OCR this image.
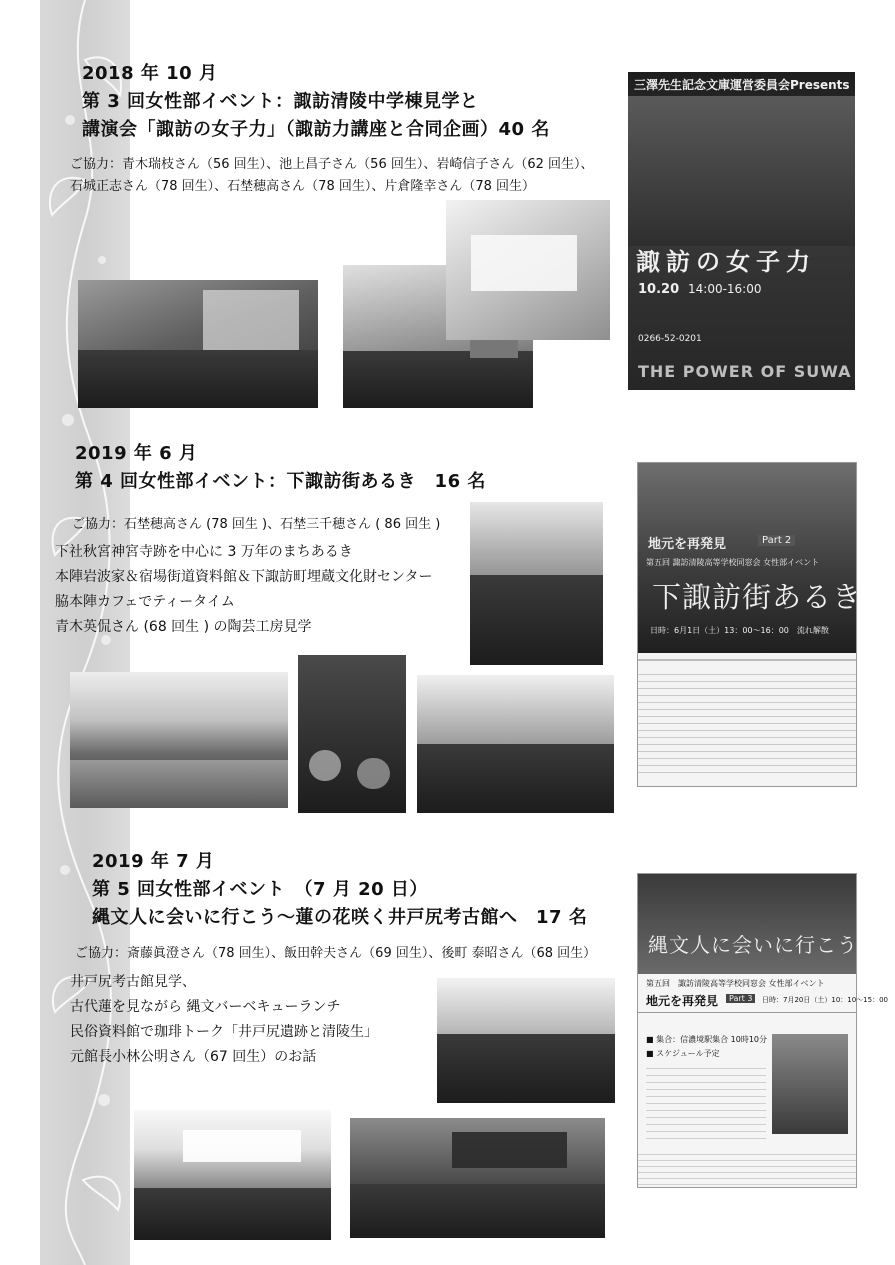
2018 年 10 月
第 3 回女性部イベント：諏訪清陵中学棟見学と
講演会「諏訪の女子力」（諏訪力講座と合同企画）40 名
ご協力：青木瑞枝さん（56 回生）、池上昌子さん（56 回生）、岩崎信子さん（62 回生）、
石城正志さん（78 回生）、石埜穂高さん（78 回生）、片倉隆幸さん（78 回生）
三澤先生記念文庫運営委員会Presents
諏訪の女子力
10.20 14:00-16:00
0266-52-0201
THE POWER OF SUWA
2019 年 6 月
第 4 回女性部イベント：下諏訪街あるき　16 名
ご協力：石埜穂高さん (78 回生 )、石埜三千穂さん ( 86 回生 )
下社秋宮神宮寺跡を中心に 3 万年のまちあるき
本陣岩波家＆宿場街道資料館＆下諏訪町埋蔵文化財センター
脇本陣カフェでティータイム
青木英侃さん (68 回生 ) の陶芸工房見学
地元を再発見	Part 2
第五回 諏訪清陵高等学校同窓会 女性部イベント
下諏訪街あるき
日時：6月1日（土）13：00～16：00　流れ解散
2019 年 7 月
第 5 回女性部イベント　（7 月 20 日）
縄文人に会いに行こう～蓮の花咲く井戸尻考古館へ　17 名
ご協力：斎藤眞澄さん（78 回生）、飯田幹夫さん（69 回生）、後町 泰昭さん（68 回生）
井戸尻考古館見学、
古代蓮を見ながら 縄文バーベキューランチ
民俗資料館で珈琲トーク「井戸尻遺跡と清陵生」
元館長小林公明さん（67 回生）のお話
縄文人に会いに行こう
第五回　諏訪清陵高等学校同窓会 女性部イベント
地元を再発見	Part 3	日時：7月20日（土）10：10～15：00
■ 集合：信濃境駅集合 10時10分
■ スケジュール予定
